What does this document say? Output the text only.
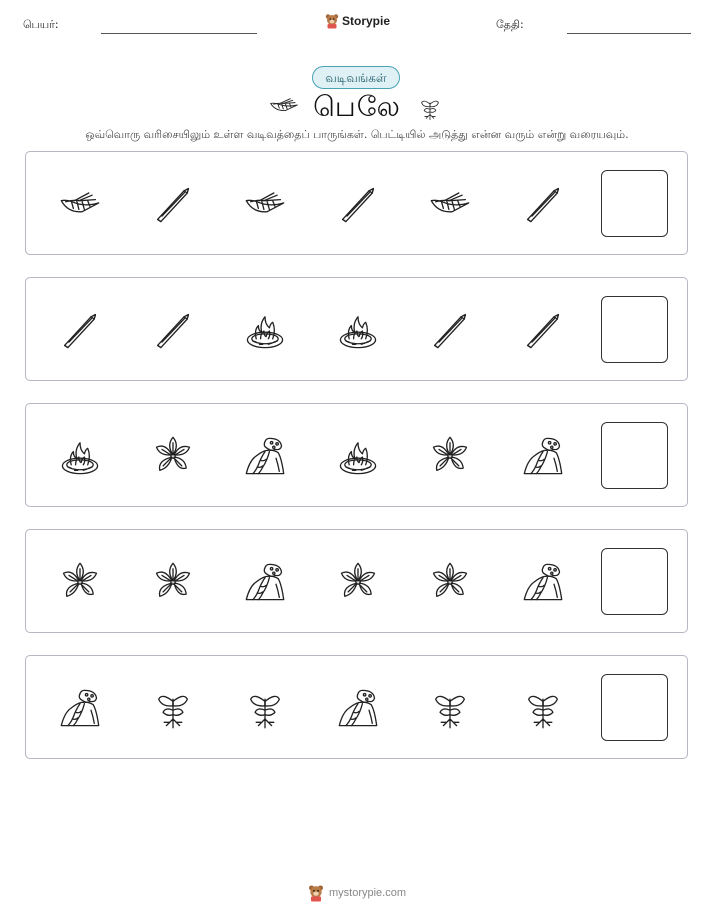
பெயர்:	Storypie	தேதி:
வடிவங்கள்
பெலே
ஒவ்வொரு வரிசையிலும் உள்ள வடிவத்தைப் பாருங்கள். பெட்டியில் அடுத்து என்ன வரும் என்று வரையவும்.
mystorypie.com
